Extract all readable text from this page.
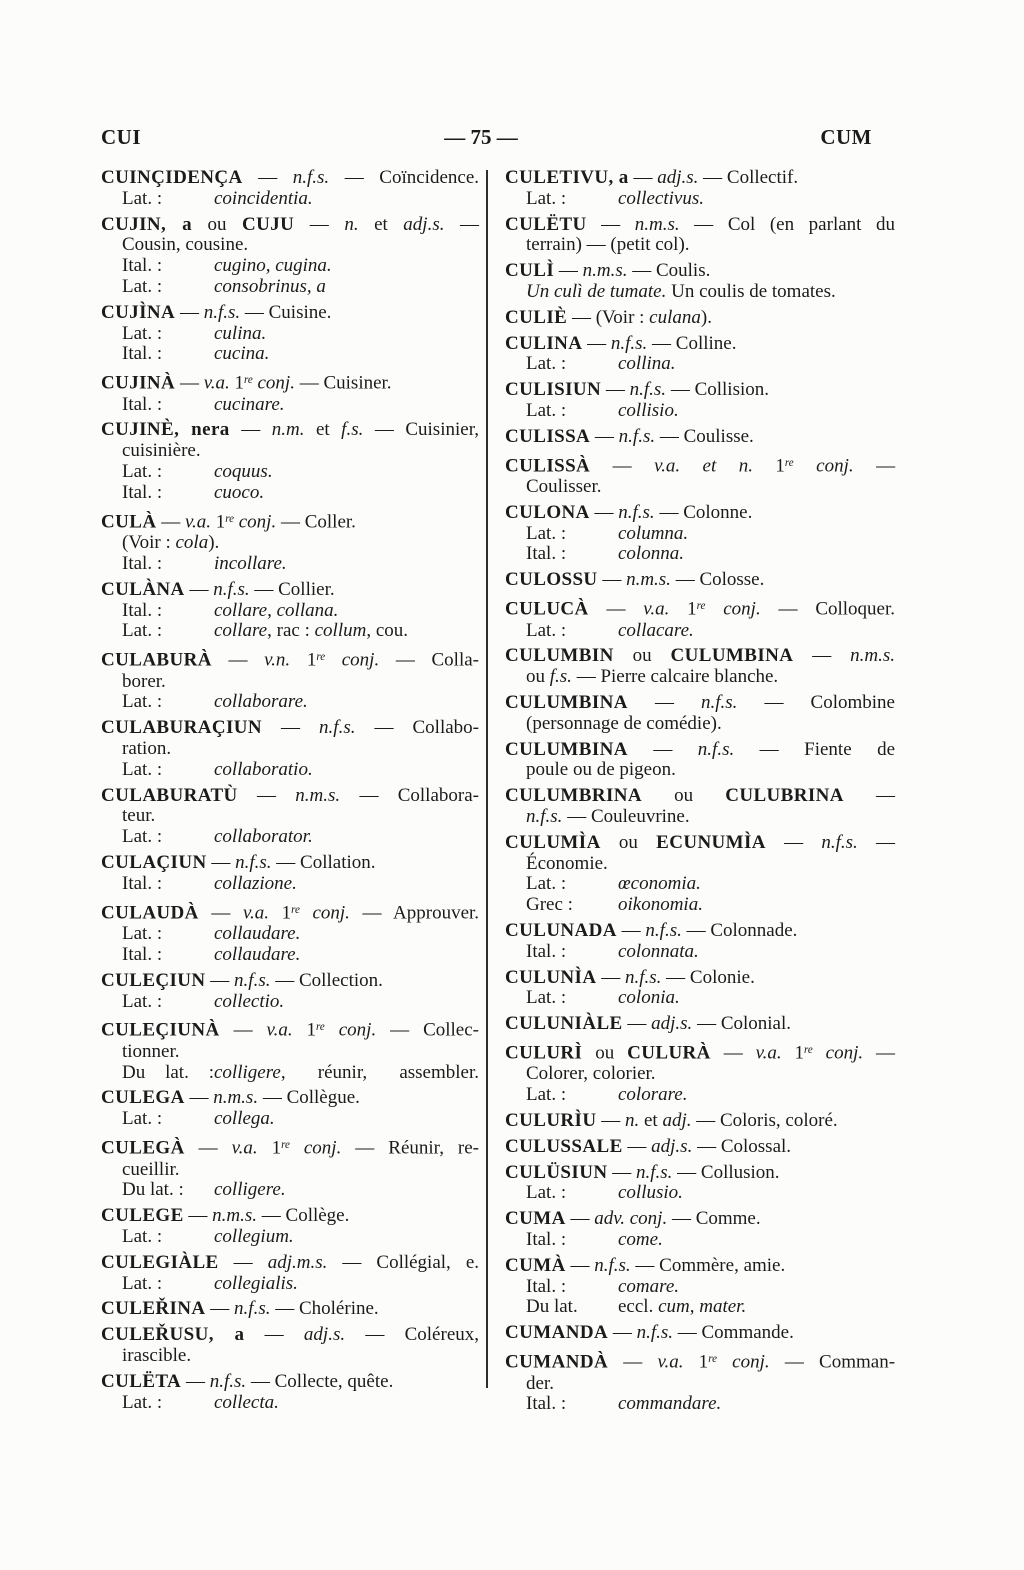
CUI	— 75 —	CUM
CUINÇIDENÇA — n.f.s. — Coïncidence.
Lat. :	coincidentia.
CUJIN, a ou CUJU — n. et adj.s. —
Cousin, cousine.
Ital. :	cugino, cugina.
Lat. :	consobrinus, a
CUJÌNA — n.f.s. — Cuisine.
Lat. :	culina.
Ital. :	cucina.
CUJINÀ — v.a. 1re conj. — Cuisiner.
Ital. :	cucinare.
CUJINÈ, nera — n.m. et f.s. — Cuisinier,
cuisinière.
Lat. :	coquus.
Ital. :	cuoco.
CULÀ — v.a. 1re conj. — Coller.
(Voir : cola).
Ital. :	incollare.
CULÀNA — n.f.s. — Collier.
Ital. :	collare, collana.
Lat. :	collare, rac : collum, cou.
CULABURÀ — v.n. 1re conj. — Colla-
borer.
Lat. :	collaborare.
CULABURAÇIUN — n.f.s. — Collabo-
ration.
Lat. :	collaboratio.
CULABURATÙ — n.m.s. — Collabora-
teur.
Lat. :	collaborator.
CULAÇIUN — n.f.s. — Collation.
Ital. :	collazione.
CULAUDÀ — v.a. 1re conj. — Approuver.
Lat. :	collaudare.
Ital. :	collaudare.
CULEÇIUN — n.f.s. — Collection.
Lat. :	collectio.
CULEÇIUNÀ — v.a. 1re conj. — Collec-
tionner.
Du lat. :colligere, réunir, assembler.
CULEGA — n.m.s. — Collègue.
Lat. :	collega.
CULEGÀ — v.a. 1re conj. — Réunir, re-
cueillir.
Du lat. : colligere.
CULEGE — n.m.s. — Collège.
Lat. :	collegium.
CULEGIÀLE — adj.m.s. — Collégial, e.
Lat. :	collegialis.
CULEŘINA — n.f.s. — Cholérine.
CULEŘUSU, a — adj.s. — Coléreux,
irascible.
CULËTA — n.f.s. — Collecte, quête.
Lat. :	collecta.
CULETIVU, a — adj.s. — Collectif.
Lat. :	collectivus.
CULËTU — n.m.s. — Col (en parlant du
terrain) — (petit col).
CULÌ — n.m.s. — Coulis.
Un culì de tumate. Un coulis de tomates.
CULIÈ — (Voir : culana).
CULINA — n.f.s. — Colline.
Lat. :	collina.
CULISIUN — n.f.s. — Collision.
Lat. :	collisio.
CULISSA — n.f.s. — Coulisse.
CULISSÀ — v.a. et n. 1re conj. —
Coulisser.
CULONA — n.f.s. — Colonne.
Lat. :	columna.
Ital. :	colonna.
CULOSSU — n.m.s. — Colosse.
CULUCÀ — v.a. 1re conj. — Colloquer.
Lat. :	collacare.
CULUMBIN ou CULUMBINA — n.m.s.
ou f.s. — Pierre calcaire blanche.
CULUMBINA — n.f.s. — Colombine
(personnage de comédie).
CULUMBINA — n.f.s. — Fiente de
poule ou de pigeon.
CULUMBRINA ou CULUBRINA —
n.f.s. — Couleuvrine.
CULUMÌA ou ECUNUMÌA — n.f.s. —
Économie.
Lat. :	œconomia.
Grec : oikonomia.
CULUNADA — n.f.s. — Colonnade.
Ital. :	colonnata.
CULUNÌA — n.f.s. — Colonie.
Lat. :	colonia.
CULUNIÀLE — adj.s. — Colonial.
CULURÌ ou CULURÀ — v.a. 1re conj. —
Colorer, colorier.
Lat. :	colorare.
CULURÌU — n. et adj. — Coloris, coloré.
CULUSSALE — adj.s. — Colossal.
CULÜSIUN — n.f.s. — Collusion.
Lat. :	collusio.
CUMA — adv. conj. — Comme.
Ital. :	come.
CUMÀ — n.f.s. — Commère, amie.
Ital. :	comare.
Du lat. eccl. cum, mater.
CUMANDA — n.f.s. — Commande.
CUMANDÀ — v.a. 1re conj. — Comman-
der.
Ital. :	commandare.
